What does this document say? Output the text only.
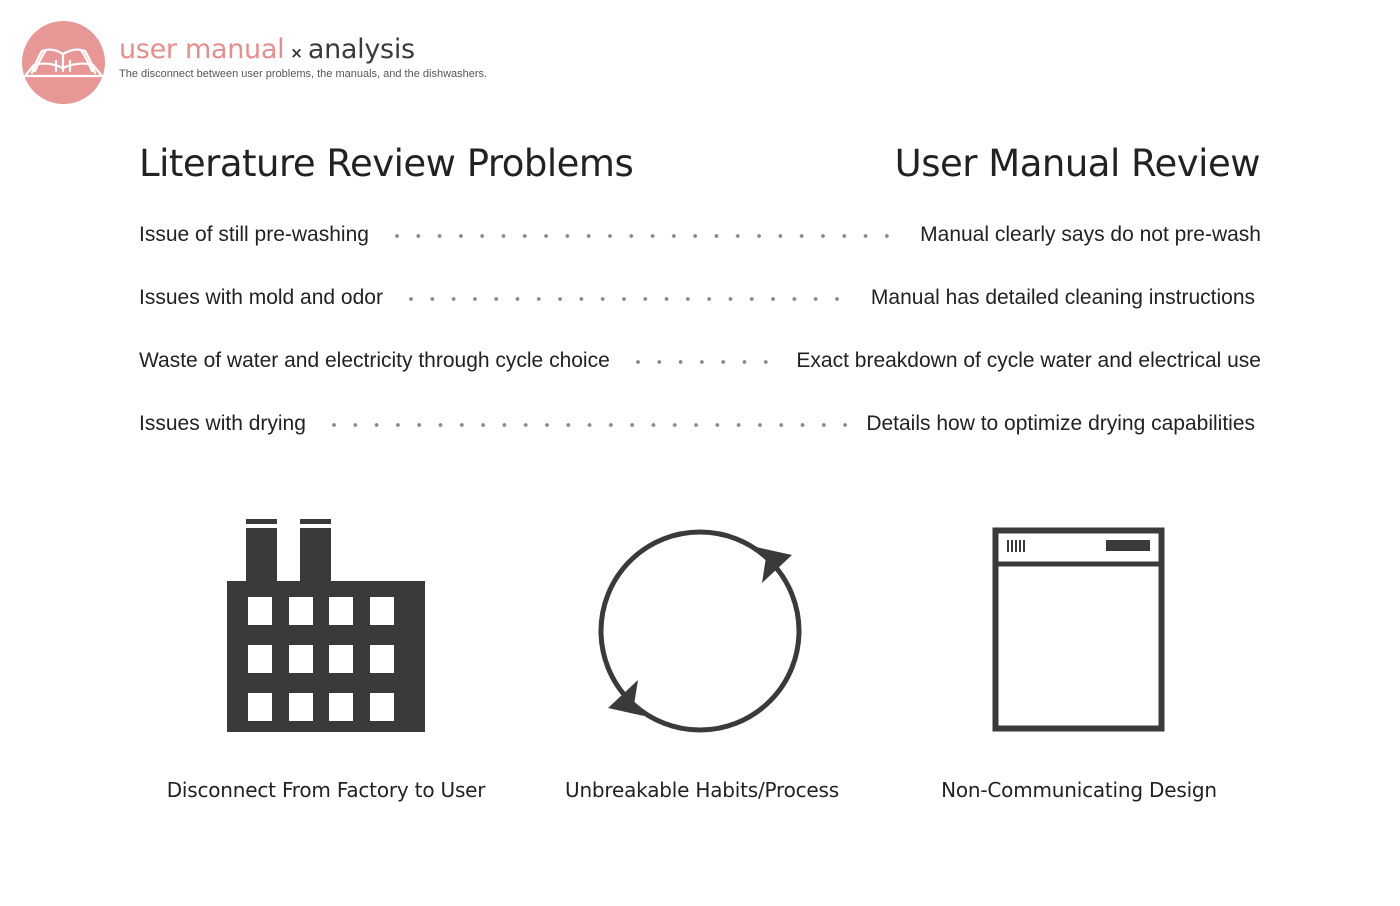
user manual × analysis
The disconnect between user problems, the manuals, and the dishwashers.
Literature Review Problems	User Manual Review
Issue of still pre-washing	Manual clearly says do not pre-wash
Issues with mold and odor	Manual has detailed cleaning instructions
Waste of water and electricity through cycle choice	Exact breakdown of cycle water and electrical use
Issues with drying	Details how to optimize drying capabilities
Disconnect From Factory to User	Unbreakable Habits/Process	Non-Communicating Design
